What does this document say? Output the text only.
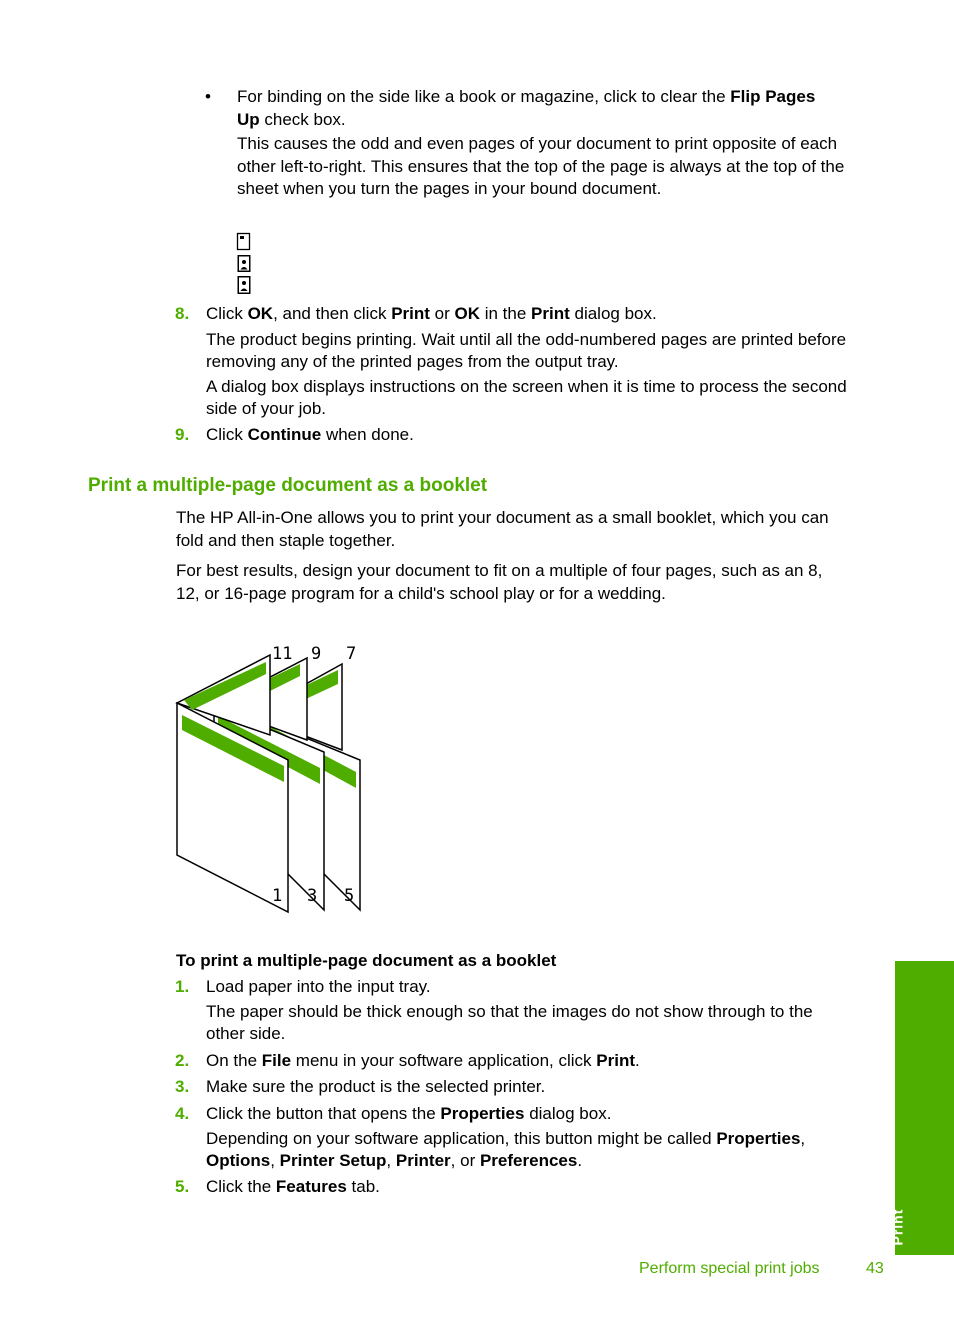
• For binding on the side like a book or magazine, click to clear the Flip Pages

Up check box.

This causes the odd and even pages of your document to print opposite of each

other left-to-right. This ensures that the top of the page is always at the top of the

sheet when you turn the pages in your bound document.

8. Click OK, and then click Print or OK in the Print dialog box.

The product begins printing. Wait until all the odd-numbered pages are printed before

removing any of the printed pages from the output tray.

A dialog box displays instructions on the screen when it is time to process the second

side of your job.

9. Click Continue when done.

Print a multiple-page document as a booklet

The HP All-in-One allows you to print your document as a small booklet, which you can

fold and then staple together.

For best results, design your document to fit on a multiple of four pages, such as an 8,

12, or 16-page program for a child's school play or for a wedding.

11 9 7
1 3 5
To print a multiple-page document as a booklet
1. Load paper into the input tray.

The paper should be thick enough so that the images do not show through to the

other side.

2. On the File menu in your software application, click Print.

3. Make sure the product is the selected printer.
4. Click the button that opens the Properties dialog box.

Depending on your software application, this button might be called Properties,

Options, Printer Setup, Printer, or Preferences.

5. Click the Features tab.

Print
Perform special print jobs	43
